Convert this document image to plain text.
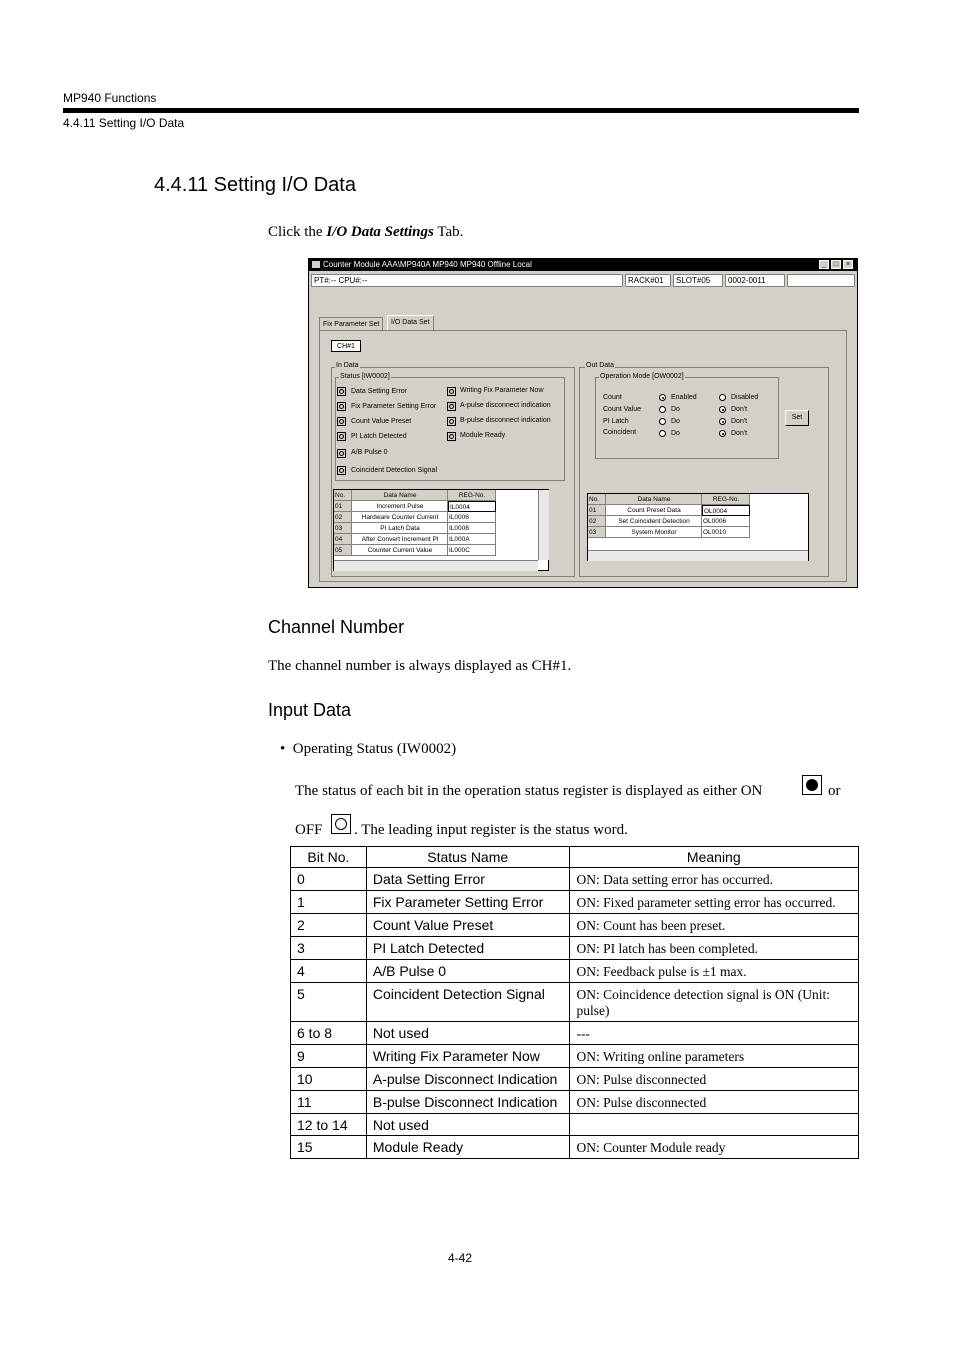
MP940 Functions
4.4.11 Setting I/O Data
4.4.11 Setting I/O Data
Click the I/O Data Settings Tab.
Counter Module AAA\MP940A MP940 MP940 Offline Local	_	□	×
PT#:-- CPU#:--	RACK#01	SLOT#05	0002-0011
Fix Parameter Set	I/O Data Set
CH#1
In Data
Status [IW0002]
Data Setting Error
Fix Parameter Setting Error
Count Value Preset
PI Latch Detected
A/B Pulse 0
Coincident Detection Signal
Writing Fix Parameter Now
A-pulse disconnect indication
B-pulse disconnect indication
Module Ready
No.	Data Name	REG-No.
01	Increment Pulse	IL0004
02	Hardware Counter Current	IL0006
03	PI Latch Data	IL0008
04	After Convert Increment Pl	IL000A
05	Counter Current Value	IL000C
Out Data
Operation Mode [OW0002]
Count	Enabled	Disabled
Count Value	Do	Don't
PI Latch	Do	Don't
Coincident	Do	Don't
Set
No.	Data Name	REG-No.
01	Count Preset Data	OL0004
02	Set Coincident Detection	OL0006
03	System Monitor	OL0010
Channel Number
The channel number is always displayed as CH#1.
Input Data
•  Operating Status (IW0002)
The status of each bit in the operation status register is displayed as either ON	or
OFF . The leading input register is the status word.
Bit No.	Status Name	Meaning
0	Data Setting Error	ON: Data setting error has occurred.
1	Fix Parameter Setting Error	ON: Fixed parameter setting error has occurred.
2	Count Value Preset	ON: Count has been preset.
3	PI Latch Detected	ON: PI latch has been completed.
4	A/B Pulse 0	ON: Feedback pulse is ±1 max.
5	Coincident Detection Signal	ON: Coincidence detection signal is ON (Unit: pulse)
6 to 8	Not used	---
9	Writing Fix Parameter Now	ON: Writing online parameters
10	A-pulse Disconnect Indication	ON: Pulse disconnected
11	B-pulse Disconnect Indication	ON: Pulse disconnected
12 to 14	Not used	
15	Module Ready	ON: Counter Module ready
4-42
